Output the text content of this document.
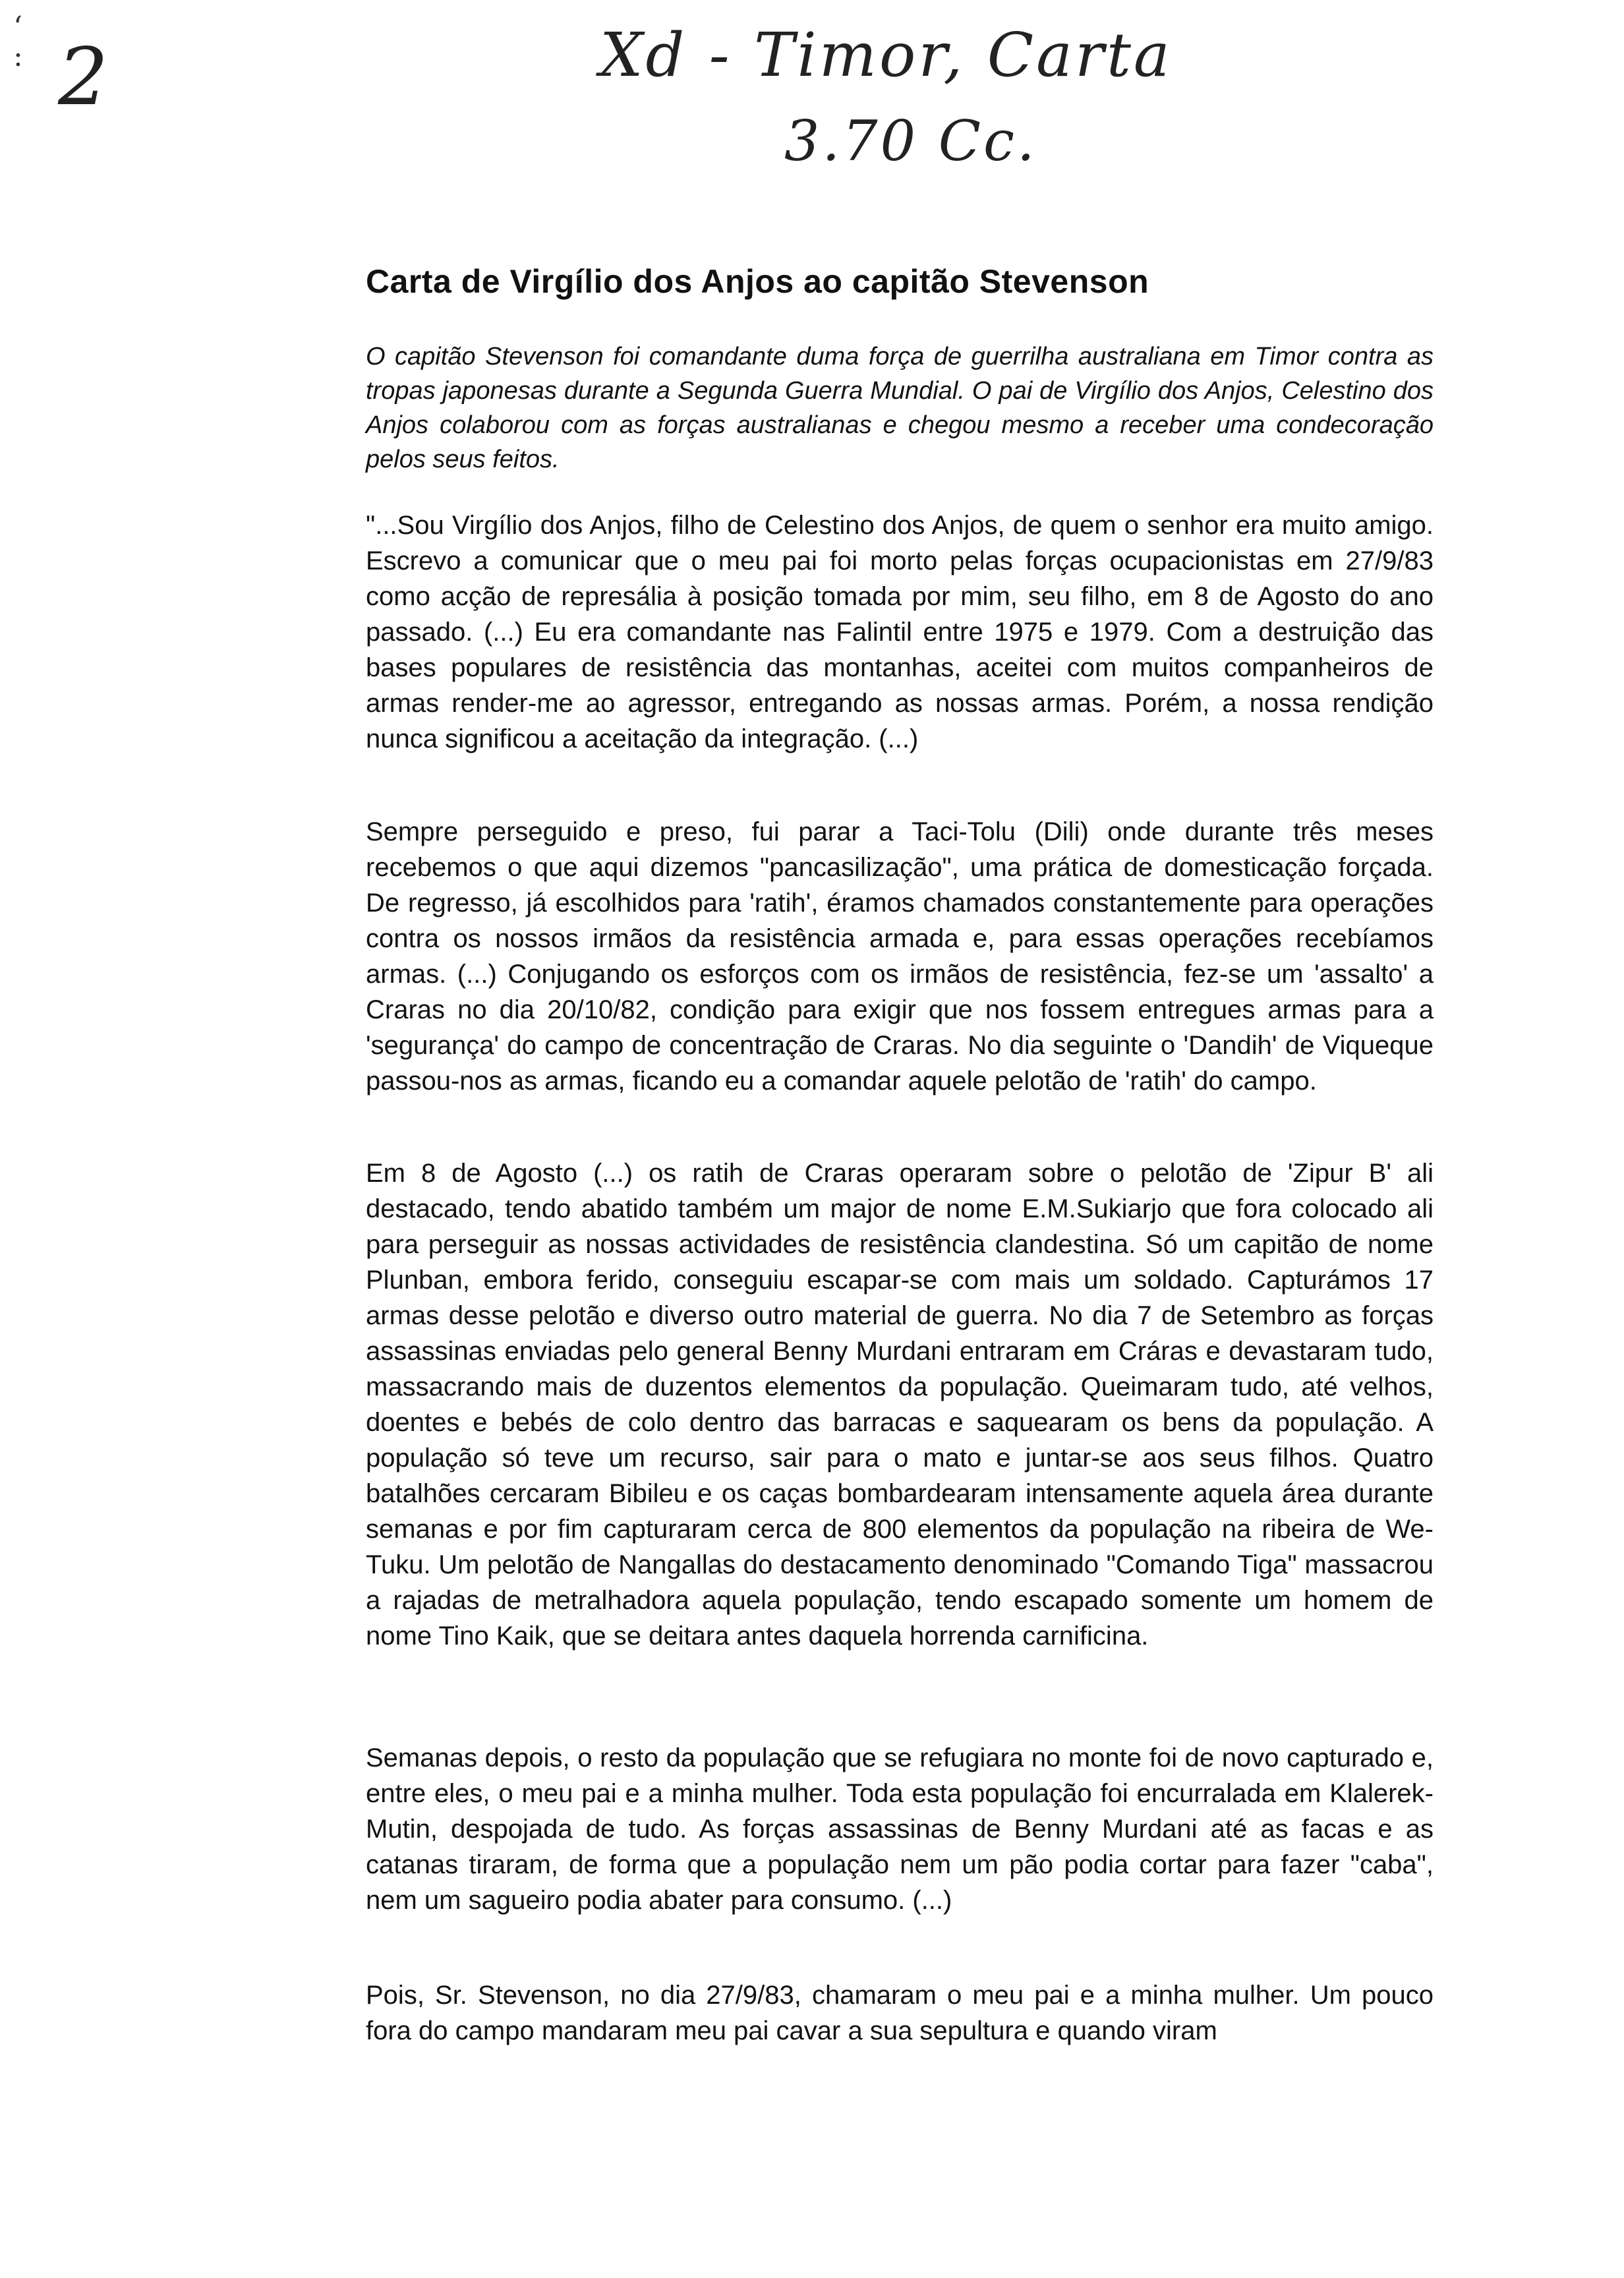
ʻ
: 2	Xd - Timor, Carta
3.70 Cc.
Carta de Virgílio dos Anjos ao capitão Stevenson

O capitão Stevenson foi comandante duma força de guerrilha australiana em Timor contra as tropas japonesas durante a Segunda Guerra Mundial. O pai de Virgílio dos Anjos, Celestino dos Anjos colaborou com as forças australianas e chegou mesmo a receber uma condecoração pelos seus feitos.

"...Sou Virgílio dos Anjos, filho de Celestino dos Anjos, de quem o senhor era muito amigo. Escrevo a comunicar que o meu pai foi morto pelas forças ocupacionistas em 27/9/83 como acção de represália à posição tomada por mim, seu filho, em 8 de Agosto do ano passado. (...) Eu era comandante nas Falintil entre 1975 e 1979. Com a destruição das bases populares de resistência das montanhas, aceitei com muitos companheiros de armas render-me ao agressor, entregando as nossas armas. Porém, a nossa rendição nunca significou a aceitação da integração. (...)

Sempre perseguido e preso, fui parar a Taci-Tolu (Dili) onde durante três meses recebemos o que aqui dizemos "pancasilização", uma prática de domesticação forçada. De regresso, já escolhidos para 'ratih', éramos chamados constantemente para operações contra os nossos irmãos da resistência armada e, para essas operações recebíamos armas. (...) Conjugando os esforços com os irmãos de resistência, fez-se um 'assalto' a Craras no dia 20/10/82, condição para exigir que nos fossem entregues armas para a 'segurança' do campo de concentração de Craras. No dia seguinte o 'Dandih' de Viqueque passou-nos as armas, ficando eu a comandar aquele pelotão de 'ratih' do campo.

Em 8 de Agosto (...) os ratih de Craras operaram sobre o pelotão de 'Zipur B' ali destacado, tendo abatido também um major de nome E.M.Sukiarjo que fora colocado ali para perseguir as nossas actividades de resistência clandestina. Só um capitão de nome Plunban, embora ferido, conseguiu escapar-se com mais um soldado. Capturámos 17 armas desse pelotão e diverso outro material de guerra. No dia 7 de Setembro as forças assassinas enviadas pelo general Benny Murdani entraram em Cráras e devastaram tudo, massacrando mais de duzentos elementos da população. Queimaram tudo, até velhos, doentes e bebés de colo dentro das barracas e saquearam os bens da população. A população só teve um recurso, sair para o mato e juntar-se aos seus filhos. Quatro batalhões cercaram Bibileu e os caças bombardearam intensamente aquela área durante semanas e por fim capturaram cerca de 800 elementos da população na ribeira de We-Tuku. Um pelotão de Nangallas do destacamento denominado "Comando Tiga" massacrou a rajadas de metralhadora aquela população, tendo escapado somente um homem de nome Tino Kaik, que se deitara antes daquela horrenda carnificina.

Semanas depois, o resto da população que se refugiara no monte foi de novo capturado e, entre eles, o meu pai e a minha mulher. Toda esta população foi encurralada em Klalerek-Mutin, despojada de tudo. As forças assassinas de Benny Murdani até as facas e as catanas tiraram, de forma que a população nem um pão podia cortar para fazer "caba", nem um sagueiro podia abater para consumo. (...)

Pois, Sr. Stevenson, no dia 27/9/83, chamaram o meu pai e a minha mulher. Um pouco fora do campo mandaram meu pai cavar a sua sepultura e quando viram
